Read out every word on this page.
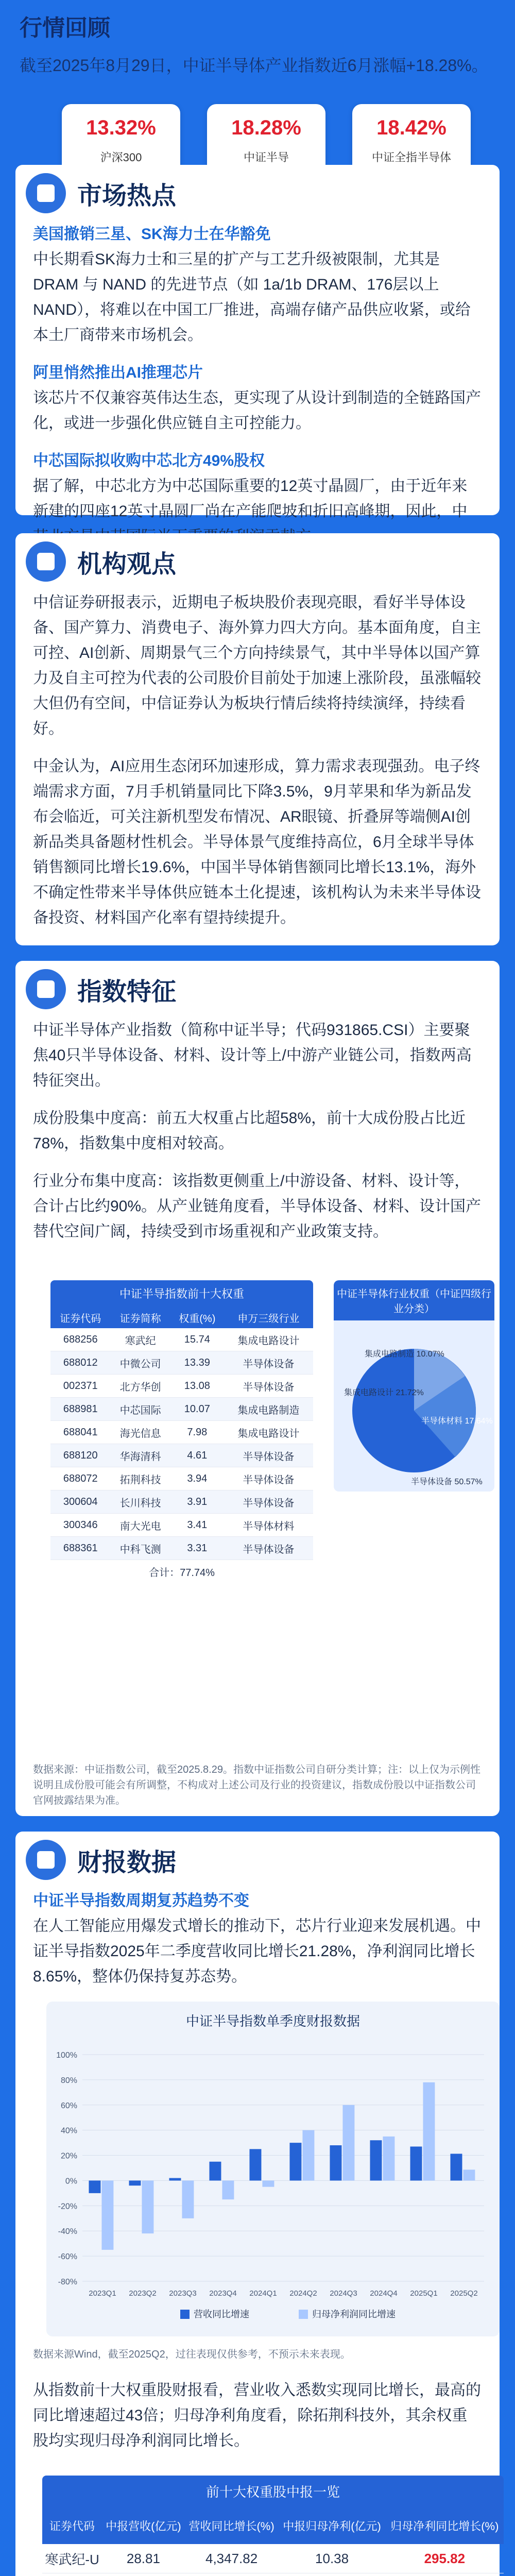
行情回顾
截至2025年8月29日，中证半导体产业指数近6月涨幅+18.28%。
13.32%
沪深300
18.28%
中证半导
18.42%
中证全指半导体
市场热点
美国撤销三星、SK海力士在华豁免

中长期看SK海力士和三星的扩产与工艺升级被限制，尤其是 DRAM 与 NAND 的先进节点（如 1a/1b DRAM、176层以上NAND），将难以在中国工厂推进，高端存储产品供应收紧，或给本土厂商带来市场机会。

阿里悄然推出AI推理芯片

该芯片不仅兼容英伟达生态，更实现了从设计到制造的全链路国产化，或进一步强化供应链自主可控能力。

中芯国际拟收购中芯北方49%股权

据了解，中芯北方为中芯国际重要的12英寸晶圆厂，由于近年来新建的四座12英寸晶圆厂尚在产能爬坡和折旧高峰期，因此，中

机构观点

中信证券研报表示，近期电子板块股价表现亮眼，看好半导体设备、国产算力、消费电子、海外算力四大方向。基本面角度，自主可控、AI创新、周期景气三个方向持续景气，其中半导体以国产算力及自主可控为代表的公司股价目前处于加速上涨阶段，虽涨幅较大但仍有空间，中信证券认为板块行情后续将持续演绎，持续看好。

中金认为，AI应用生态闭环加速形成，算力需求表现强劲。电子终端需求方面，7月手机销量同比下降3.5%，9月苹果和华为新品发布会临近，可关注新机型发布情况、AR眼镜、折叠屏等端侧AI创新品类具备题材性机会。半导体景气度维持高位，6月全球半导体销售额同比增长19.6%，中国半导体销售额同比增长13.1%，海外不确定性带来半导体供应链本土化提速，该机构认为未来半导体设备投资、材料国产化率有望持续提升。

指数特征

中证半导体产业指数（简称中证半导；代码931865.CSI）主要聚焦40只半导体设备、材料、设计等上/中游产业链公司，指数两高特征突出。

成份股集中度高：前五大权重占比超58%，前十大成份股占比近78%，指数集中度相对较高。

行业分布集中度高：该指数更侧重上/中游设备、材料、设计等，合计占比约90%。从产业链角度看，半导体设备、材料、设计国产替代空间广阔，持续受到市场重视和产业政策支持。

中证半导指数前十大权重
证券代码	证券简称	权重(%)	申万三级行业
688256	寒武纪	15.74	集成电路设计
688012	中微公司	13.39	半导体设备
002371	北方华创	13.08	半导体设备
688981	中芯国际	10.07	集成电路制造
688041	海光信息	7.98	集成电路设计
688120	华海清科	4.61	半导体设备
688072	拓荆科技	3.94	半导体设备
300604	长川科技	3.91	半导体设备
300346	南大光电	3.41	半导体材料
688361	中科飞测	3.31	半导体设备
合计：77.74%
中证半导体行业权重（中证四级行业分类）
集成电路制造 10.07%
集成电路设计 21.72%
半导体材料 17.64%
半导体设备 50.57%
数据来源：中证指数公司，截至2025.8.29。指数中证指数公司自研分类计算；注：以上仅为示例性说明且成份股可能会有所调整，不构成对上述公司及行业的投资建议，指数成份股以中证指数公司官网披露结果为准。
财报数据
中证半导指数周期复苏趋势不变

在人工智能应用爆发式增长的推动下，芯片行业迎来发展机遇。中证半导指数2025年二季度营收同比增长21.28%，净利润同比增长8.65%，整体仍保持复苏态势。

中证半导指数单季度财报数据
-80%
-60%
-40%
-20%
0%
20%
40%
60%
80%
100%
2023Q1 2023Q2 2023Q3 2023Q4 2024Q1 2024Q2 2024Q3 2024Q4 2025Q1 2025Q2
营收同比增速	归母净利润同比增速
数据来源Wind，截至2025Q2，过往表现仅供参考，不预示未来表现。

从指数前十大权重股财报看，营业收入悉数实现同比增长，最高的同比增速超过43倍；归母净利角度看，除拓荆科技外，其余权重股均实现归母净利润同比增长。

前十大权重股中报一览
证券代码	中报营收(亿元)	营收同比增长(%)	中报归母净利(亿元)	归母净利同比增长(%)
寒武纪-U	28.81	4,347.82	10.38	295.82
